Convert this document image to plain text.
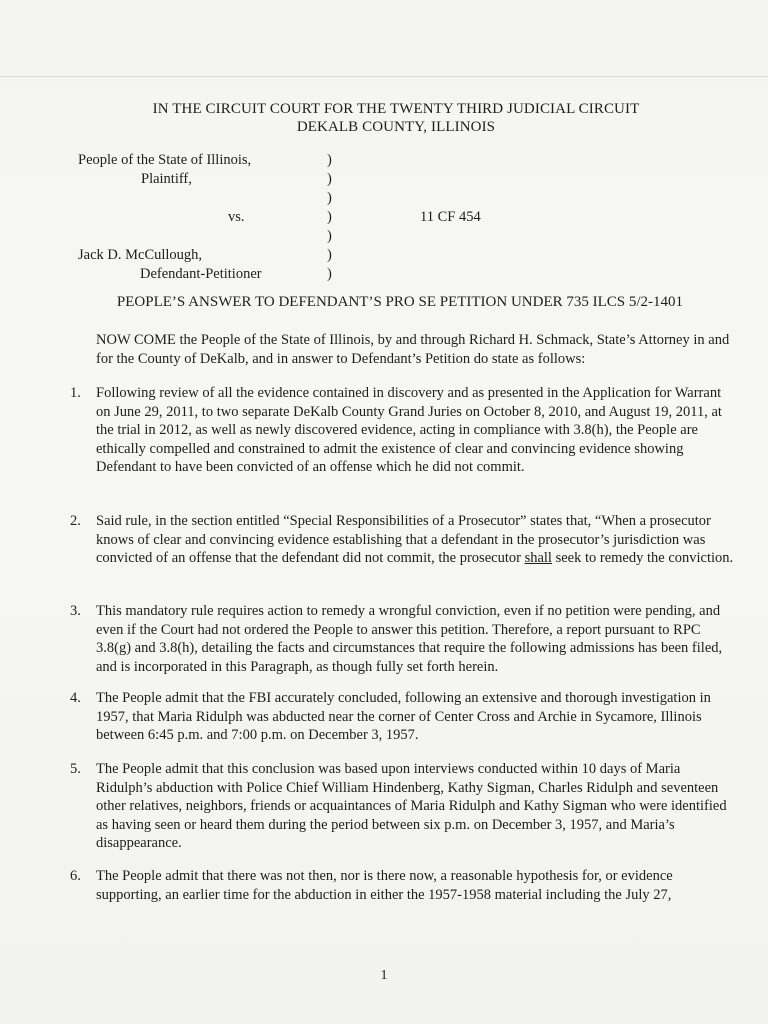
IN THE CIRCUIT COURT FOR THE TWENTY THIRD JUDICIAL CIRCUIT
DEKALB COUNTY, ILLINOIS
People of the State of Illinois,
Plaintiff,

vs.

Jack D. McCullough,
Defendant-Petitioner
)
)
)
)
)
)
)
11 CF 454
PEOPLE’S ANSWER TO DEFENDANT’S PRO SE PETITION UNDER 735 ILCS 5/2-1401
NOW COME the People of the State of Illinois, by and through Richard H. Schmack, State’s Attorney in and for the County of DeKalb, and in answer to Defendant’s Petition do state as follows:
1. Following review of all the evidence contained in discovery and as presented in the Application for Warrant on June 29, 2011, to two separate DeKalb County Grand Juries on October 8, 2010, and August 19, 2011, at the trial in 2012, as well as newly discovered evidence, acting in compliance with 3.8(h), the People are ethically compelled and constrained to admit the existence of clear and convincing evidence showing Defendant to have been convicted of an offense which he did not commit.
2. Said rule, in the section entitled “Special Responsibilities of a Prosecutor” states that, “When a prosecutor knows of clear and convincing evidence establishing that a defendant in the prosecutor’s jurisdiction was convicted of an offense that the defendant did not commit, the prosecutor shall seek to remedy the conviction.
3. This mandatory rule requires action to remedy a wrongful conviction, even if no petition were pending, and even if the Court had not ordered the People to answer this petition. Therefore, a report pursuant to RPC 3.8(g) and 3.8(h), detailing the facts and circumstances that require the following admissions has been filed, and is incorporated in this Paragraph, as though fully set forth herein.
4. The People admit that the FBI accurately concluded, following an extensive and thorough investigation in 1957, that Maria Ridulph was abducted near the corner of Center Cross and Archie in Sycamore, Illinois between 6:45 p.m. and 7:00 p.m. on December 3, 1957.
5. The People admit that this conclusion was based upon interviews conducted within 10 days of Maria Ridulph’s abduction with Police Chief William Hindenberg, Kathy Sigman, Charles Ridulph and seventeen other relatives, neighbors, friends or acquaintances of Maria Ridulph and Kathy Sigman who were identified as having seen or heard them during the period between six p.m. on December 3, 1957, and Maria’s disappearance.
6. The People admit that there was not then, nor is there now, a reasonable hypothesis for, or evidence supporting, an earlier time for the abduction in either the 1957-1958 material including the July 27,
1
